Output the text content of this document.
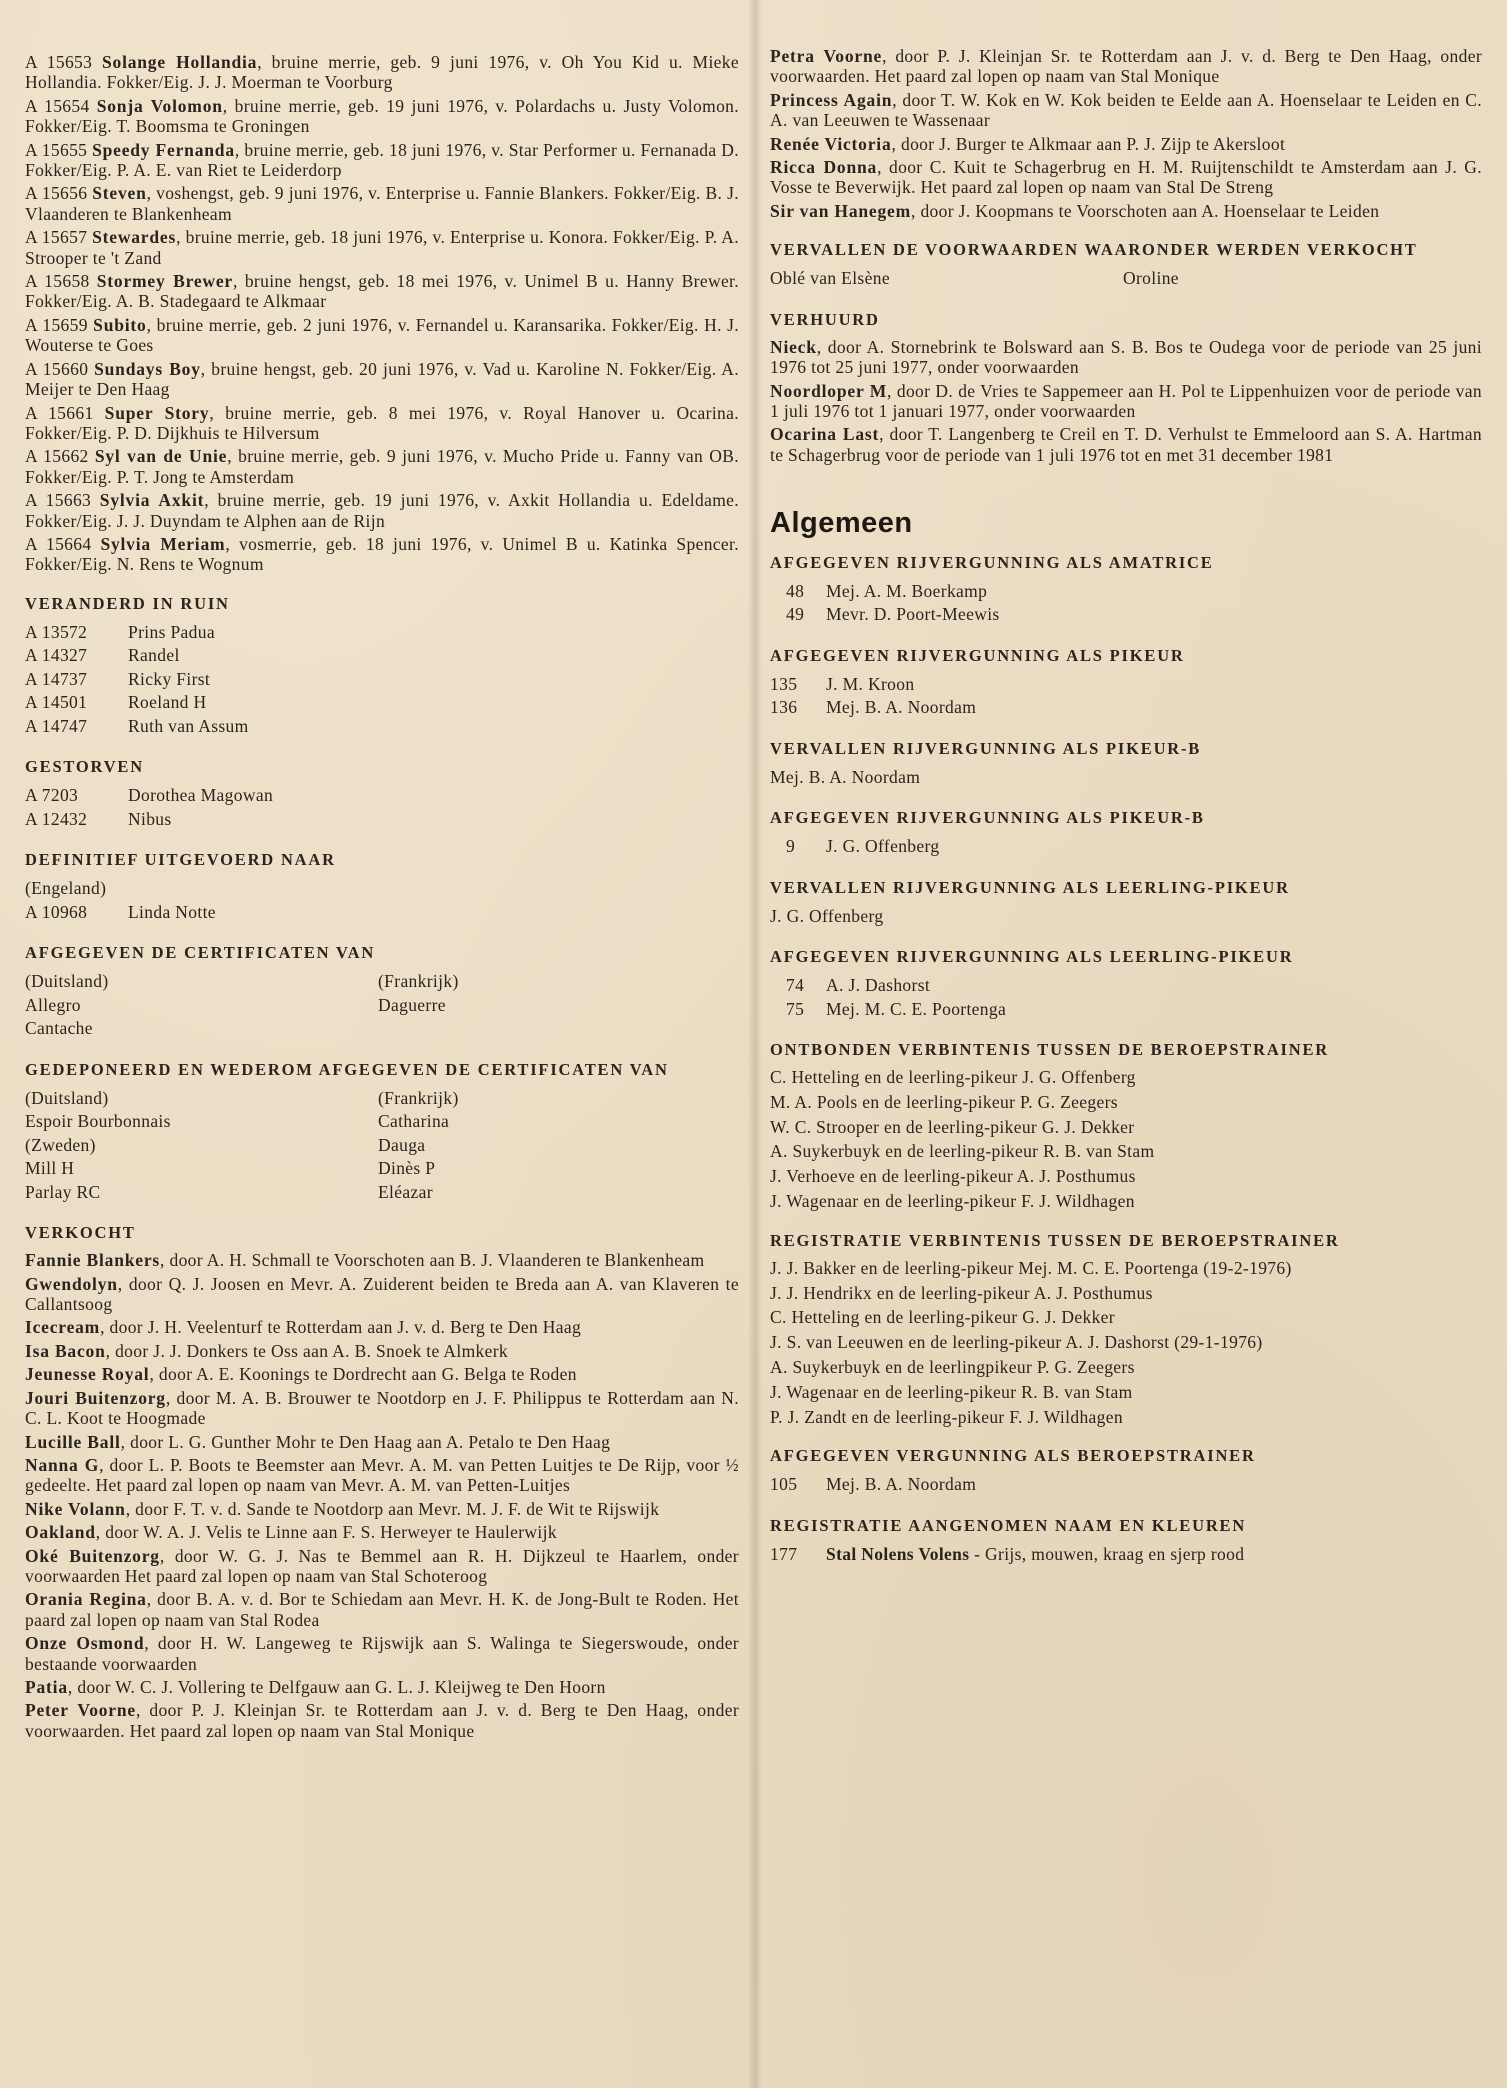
A 15653 Solange Hollandia, bruine merrie, geb. 9 juni 1976, v. Oh You Kid u. Mieke Hollandia. Fokker/Eig. J. J. Moerman te Voorburg
A 15654 Sonja Volomon, bruine merrie, geb. 19 juni 1976, v. Polardachs u. Justy Volomon. Fokker/Eig. T. Boomsma te Groningen
A 15655 Speedy Fernanda, bruine merrie, geb. 18 juni 1976, v. Star Performer u. Fernanada D. Fokker/Eig. P. A. E. van Riet te Leiderdorp
A 15656 Steven, voshengst, geb. 9 juni 1976, v. Enterprise u. Fannie Blankers. Fokker/Eig. B. J. Vlaanderen te Blankenheam
A 15657 Stewardes, bruine merrie, geb. 18 juni 1976, v. Enterprise u. Konora. Fokker/Eig. P. A. Strooper te 't Zand
A 15658 Stormey Brewer, bruine hengst, geb. 18 mei 1976, v. Unimel B u. Hanny Brewer. Fokker/Eig. A. B. Stadegaard te Alkmaar
A 15659 Subito, bruine merrie, geb. 2 juni 1976, v. Fernandel u. Karansarika. Fokker/Eig. H. J. Wouterse te Goes
A 15660 Sundays Boy, bruine hengst, geb. 20 juni 1976, v. Vad u. Karoline N. Fokker/Eig. A. Meijer te Den Haag
A 15661 Super Story, bruine merrie, geb. 8 mei 1976, v. Royal Hanover u. Ocarina. Fokker/Eig. P. D. Dijkhuis te Hilversum
A 15662 Syl van de Unie, bruine merrie, geb. 9 juni 1976, v. Mucho Pride u. Fanny van OB. Fokker/Eig. P. T. Jong te Amsterdam
A 15663 Sylvia Axkit, bruine merrie, geb. 19 juni 1976, v. Axkit Hollandia u. Edeldame. Fokker/Eig. J. J. Duyndam te Alphen aan de Rijn
A 15664 Sylvia Meriam, vosmerrie, geb. 18 juni 1976, v. Unimel B u. Katinka Spencer. Fokker/Eig. N. Rens te Wognum
VERANDERD IN RUIN
A 13572	Prins Padua
A 14327	Randel
A 14737	Ricky First
A 14501	Roeland H
A 14747	Ruth van Assum
GESTORVEN
A 7203	Dorothea Magowan
A 12432	Nibus
DEFINITIEF UITGEVOERD NAAR
(Engeland)
A 10968	Linda Notte
AFGEGEVEN DE CERTIFICATEN VAN
(Duitsland)
Allegro
Cantache
(Frankrijk)
Daguerre
GEDEPONEERD EN WEDEROM AFGEGEVEN DE CERTIFICATEN VAN
(Duitsland)
Espoir Bourbonnais
(Zweden)
Mill H
Parlay RC
(Frankrijk)
Catharina
Dauga
Dinès P
Eléazar
VERKOCHT
Fannie Blankers, door A. H. Schmall te Voorschoten aan B. J. Vlaanderen te Blankenheam
Gwendolyn, door Q. J. Joosen en Mevr. A. Zuiderent beiden te Breda aan A. van Klaveren te Callantsoog
Icecream, door J. H. Veelenturf te Rotterdam aan J. v. d. Berg te Den Haag
Isa Bacon, door J. J. Donkers te Oss aan A. B. Snoek te Almkerk
Jeunesse Royal, door A. E. Koonings te Dordrecht aan G. Belga te Roden
Jouri Buitenzorg, door M. A. B. Brouwer te Nootdorp en J. F. Philippus te Rotterdam aan N. C. L. Koot te Hoogmade
Lucille Ball, door L. G. Gunther Mohr te Den Haag aan A. Petalo te Den Haag
Nanna G, door L. P. Boots te Beemster aan Mevr. A. M. van Petten Luitjes te De Rijp, voor ½ gedeelte. Het paard zal lopen op naam van Mevr. A. M. van Petten-Luitjes
Nike Volann, door F. T. v. d. Sande te Nootdorp aan Mevr. M. J. F. de Wit te Rijswijk
Oakland, door W. A. J. Velis te Linne aan F. S. Herweyer te Haulerwijk
Oké Buitenzorg, door W. G. J. Nas te Bemmel aan R. H. Dijkzeul te Haarlem, onder voorwaarden Het paard zal lopen op naam van Stal Schoteroog
Orania Regina, door B. A. v. d. Bor te Schiedam aan Mevr. H. K. de Jong-Bult te Roden. Het paard zal lopen op naam van Stal Rodea
Onze Osmond, door H. W. Langeweg te Rijswijk aan S. Walinga te Siegerswoude, onder bestaande voorwaarden
Patia, door W. C. J. Vollering te Delfgauw aan G. L. J. Kleijweg te Den Hoorn
Peter Voorne, door P. J. Kleinjan Sr. te Rotterdam aan J. v. d. Berg te Den Haag, onder voorwaarden. Het paard zal lopen op naam van Stal Monique
Petra Voorne, door P. J. Kleinjan Sr. te Rotterdam aan J. v. d. Berg te Den Haag, onder voorwaarden. Het paard zal lopen op naam van Stal Monique
Princess Again, door T. W. Kok en W. Kok beiden te Eelde aan A. Hoenselaar te Leiden en C. A. van Leeuwen te Wassenaar
Renée Victoria, door J. Burger te Alkmaar aan P. J. Zijp te Akersloot
Ricca Donna, door C. Kuit te Schagerbrug en H. M. Ruijtenschildt te Amsterdam aan J. G. Vosse te Beverwijk. Het paard zal lopen op naam van Stal De Streng
Sir van Hanegem, door J. Koopmans te Voorschoten aan A. Hoenselaar te Leiden
VERVALLEN DE VOORWAARDEN WAARONDER WERDEN VERKOCHT
Oblé van Elsène	Oroline
VERHUURD
Nieck, door A. Stornebrink te Bolsward aan S. B. Bos te Oudega voor de periode van 25 juni 1976 tot 25 juni 1977, onder voorwaarden
Noordloper M, door D. de Vries te Sappemeer aan H. Pol te Lippenhuizen voor de periode van 1 juli 1976 tot 1 januari 1977, onder voorwaarden
Ocarina Last, door T. Langenberg te Creil en T. D. Verhulst te Emmeloord aan S. A. Hartman te Schagerbrug voor de periode van 1 juli 1976 tot en met 31 december 1981
Algemeen
AFGEGEVEN RIJVERGUNNING ALS AMATRICE
48	Mej. A. M. Boerkamp
49	Mevr. D. Poort-Meewis
AFGEGEVEN RIJVERGUNNING ALS PIKEUR
135	J. M. Kroon
136	Mej. B. A. Noordam
VERVALLEN RIJVERGUNNING ALS PIKEUR-B
Mej. B. A. Noordam
AFGEGEVEN RIJVERGUNNING ALS PIKEUR-B
9	J. G. Offenberg
VERVALLEN RIJVERGUNNING ALS LEERLING-PIKEUR
J. G. Offenberg
AFGEGEVEN RIJVERGUNNING ALS LEERLING-PIKEUR
74	A. J. Dashorst
75	Mej. M. C. E. Poortenga
ONTBONDEN VERBINTENIS TUSSEN DE BEROEPSTRAINER
C. Hetteling en de leerling-pikeur J. G. Offenberg
M. A. Pools en de leerling-pikeur P. G. Zeegers
W. C. Strooper en de leerling-pikeur G. J. Dekker
A. Suykerbuyk en de leerling-pikeur R. B. van Stam
J. Verhoeve en de leerling-pikeur A. J. Posthumus
J. Wagenaar en de leerling-pikeur F. J. Wildhagen
REGISTRATIE VERBINTENIS TUSSEN DE BEROEPSTRAINER
J. J. Bakker en de leerling-pikeur Mej. M. C. E. Poortenga (19-2-1976)
J. J. Hendrikx en de leerling-pikeur A. J. Posthumus
C. Hetteling en de leerling-pikeur G. J. Dekker
J. S. van Leeuwen en de leerling-pikeur A. J. Dashorst (29-1-1976)
A. Suykerbuyk en de leerlingpikeur P. G. Zeegers
J. Wagenaar en de leerling-pikeur R. B. van Stam
P. J. Zandt en de leerling-pikeur F. J. Wildhagen
AFGEGEVEN VERGUNNING ALS BEROEPSTRAINER
105	Mej. B. A. Noordam
REGISTRATIE AANGENOMEN NAAM EN KLEUREN
177	Stal Nolens Volens - Grijs, mouwen, kraag en sjerp rood
